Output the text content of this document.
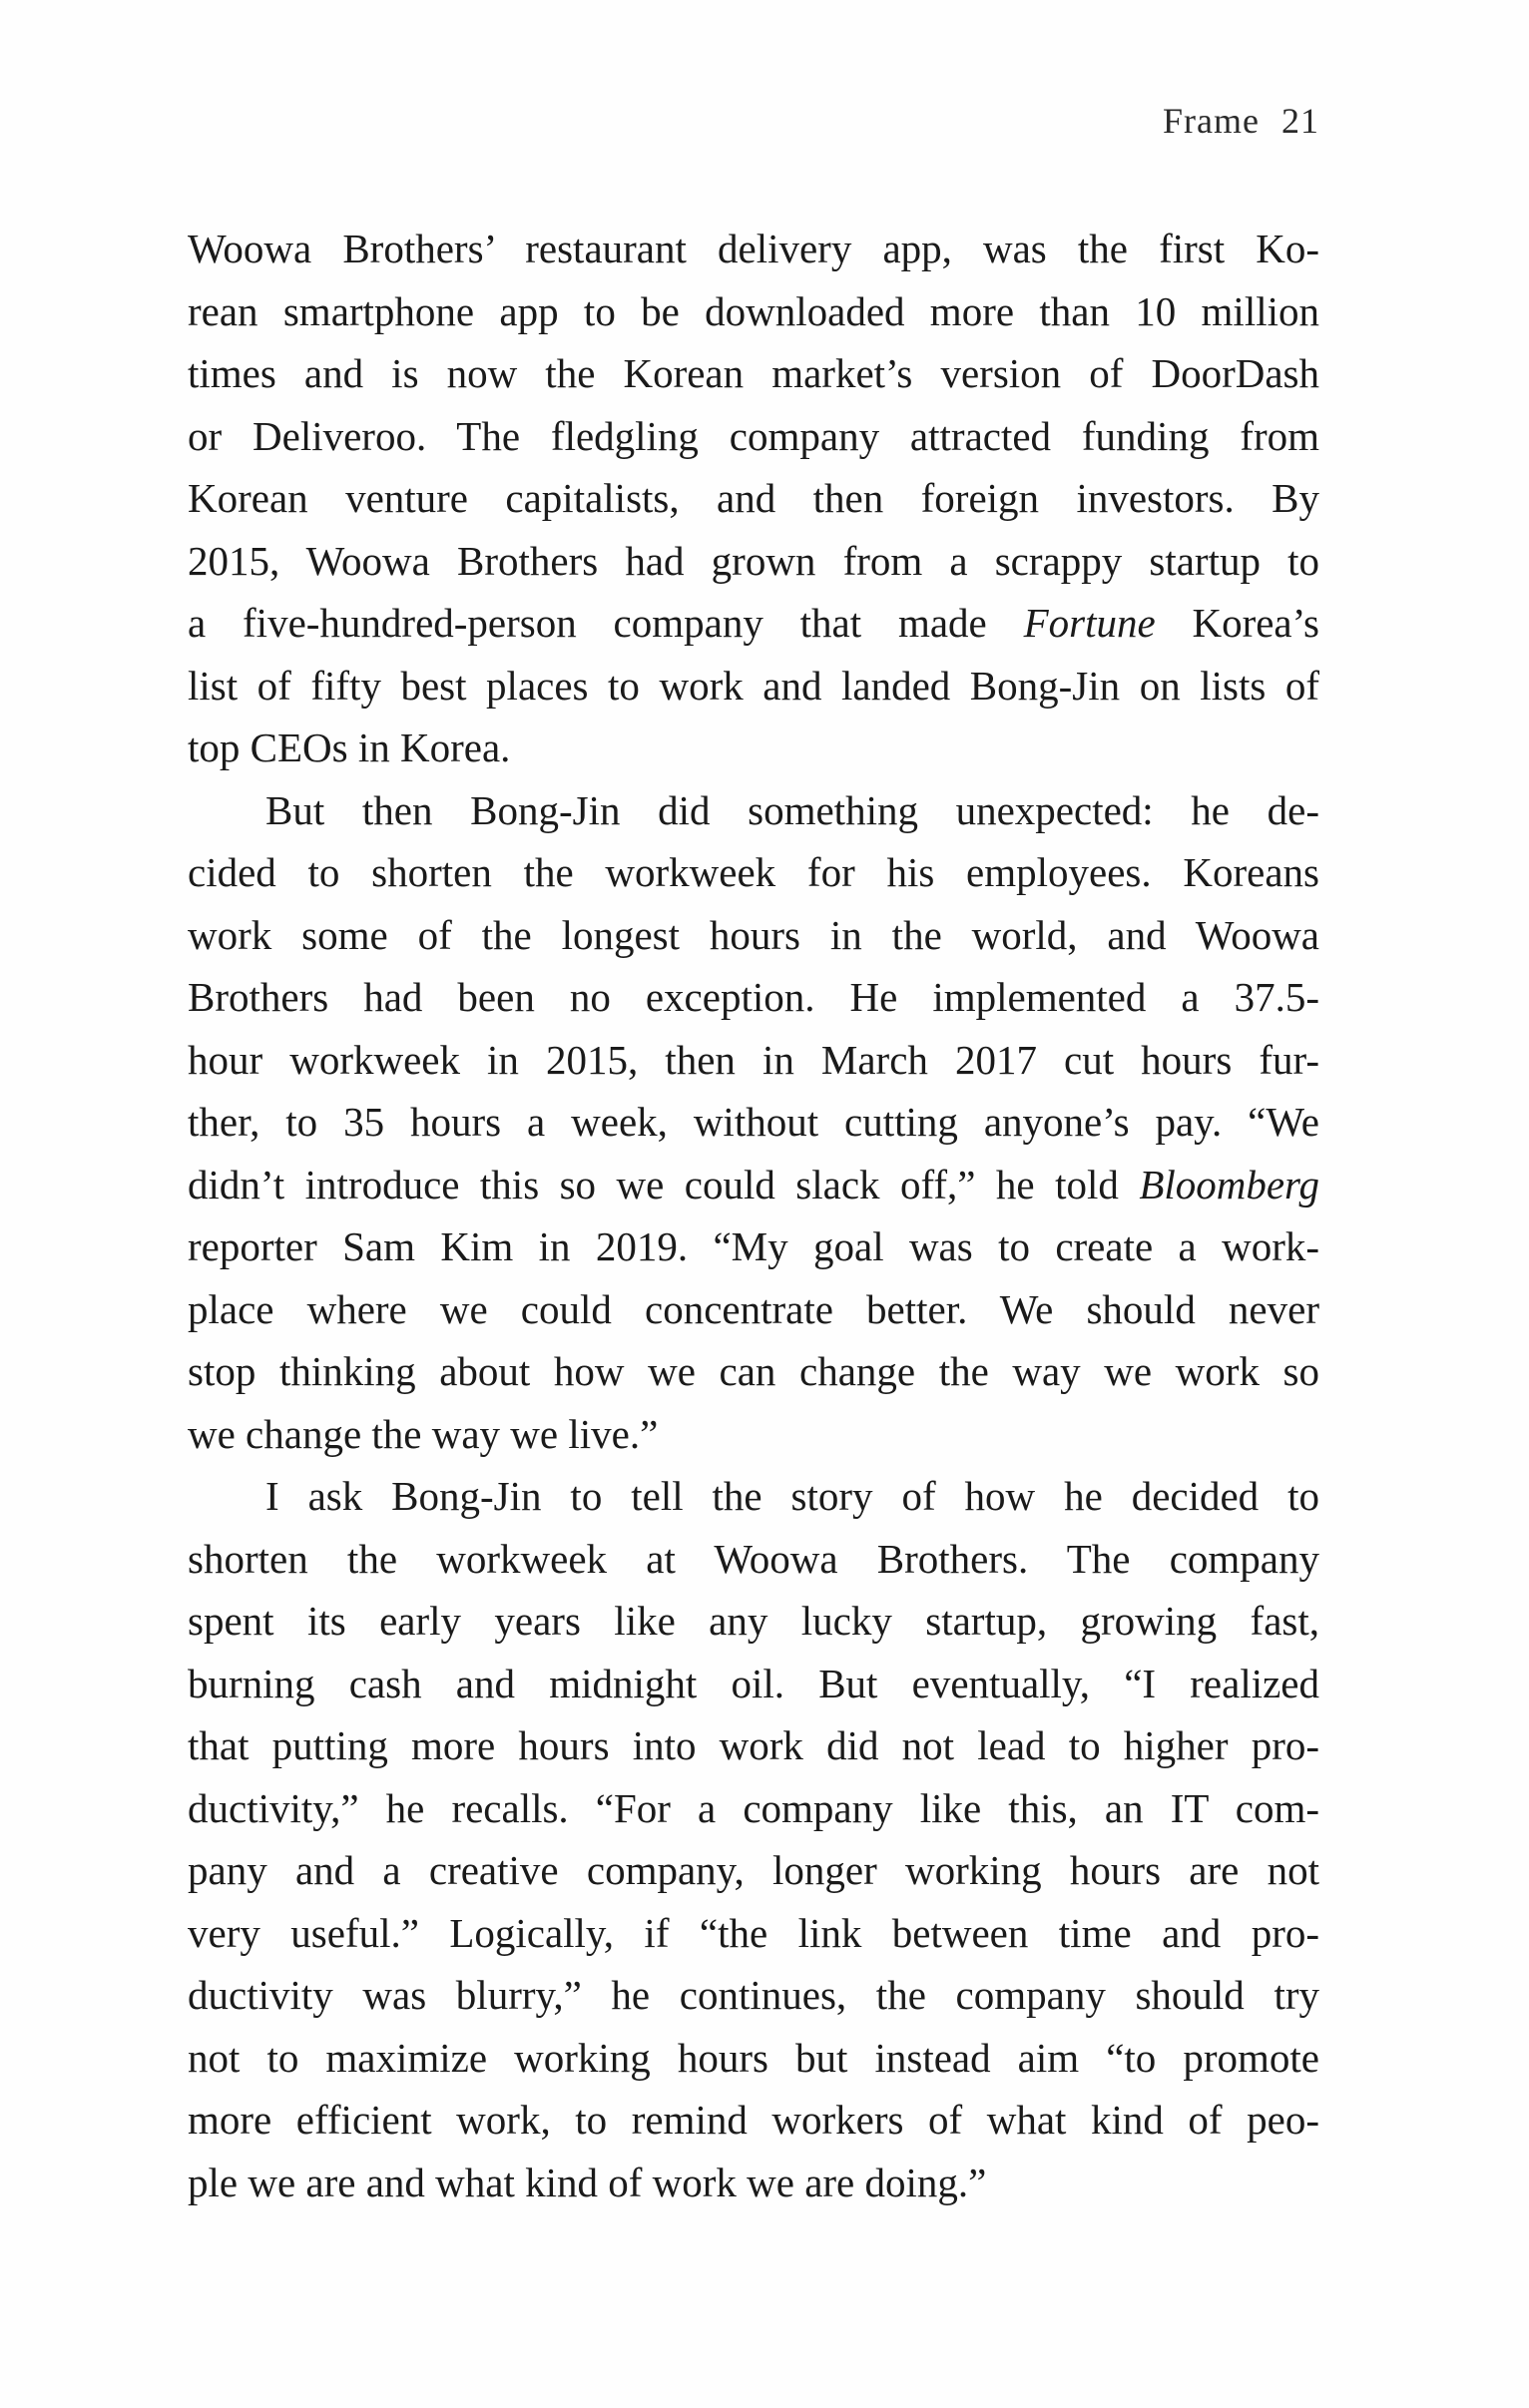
Frame 21
Woowa Brothers’ restaurant delivery app, was the first Ko-
rean smartphone app to be downloaded more than 10 million
times and is now the Korean market’s version of DoorDash
or Deliveroo. The fledgling company attracted funding from
Korean venture capitalists, and then foreign investors. By
2015, Woowa Brothers had grown from a scrappy startup to
a five-hundred-person company that made Fortune Korea’s
list of fifty best places to work and landed Bong-Jin on lists of
top CEOs in Korea.
But then Bong-Jin did something unexpected: he de-
cided to shorten the workweek for his employees. Koreans
work some of the longest hours in the world, and Woowa
Brothers had been no exception. He implemented a 37.5-
hour workweek in 2015, then in March 2017 cut hours fur-
ther, to 35 hours a week, without cutting anyone’s pay. “We
didn’t introduce this so we could slack off,” he told Bloomberg
reporter Sam Kim in 2019. “My goal was to create a work-
place where we could concentrate better. We should never
stop thinking about how we can change the way we work so
we change the way we live.”
I ask Bong-Jin to tell the story of how he decided to
shorten the workweek at Woowa Brothers. The company
spent its early years like any lucky startup, growing fast,
burning cash and midnight oil. But eventually, “I realized
that putting more hours into work did not lead to higher pro-
ductivity,” he recalls. “For a company like this, an IT com-
pany and a creative company, longer working hours are not
very useful.” Logically, if “the link between time and pro-
ductivity was blurry,” he continues, the company should try
not to maximize working hours but instead aim “to promote
more efficient work, to remind workers of what kind of peo-
ple we are and what kind of work we are doing.”
